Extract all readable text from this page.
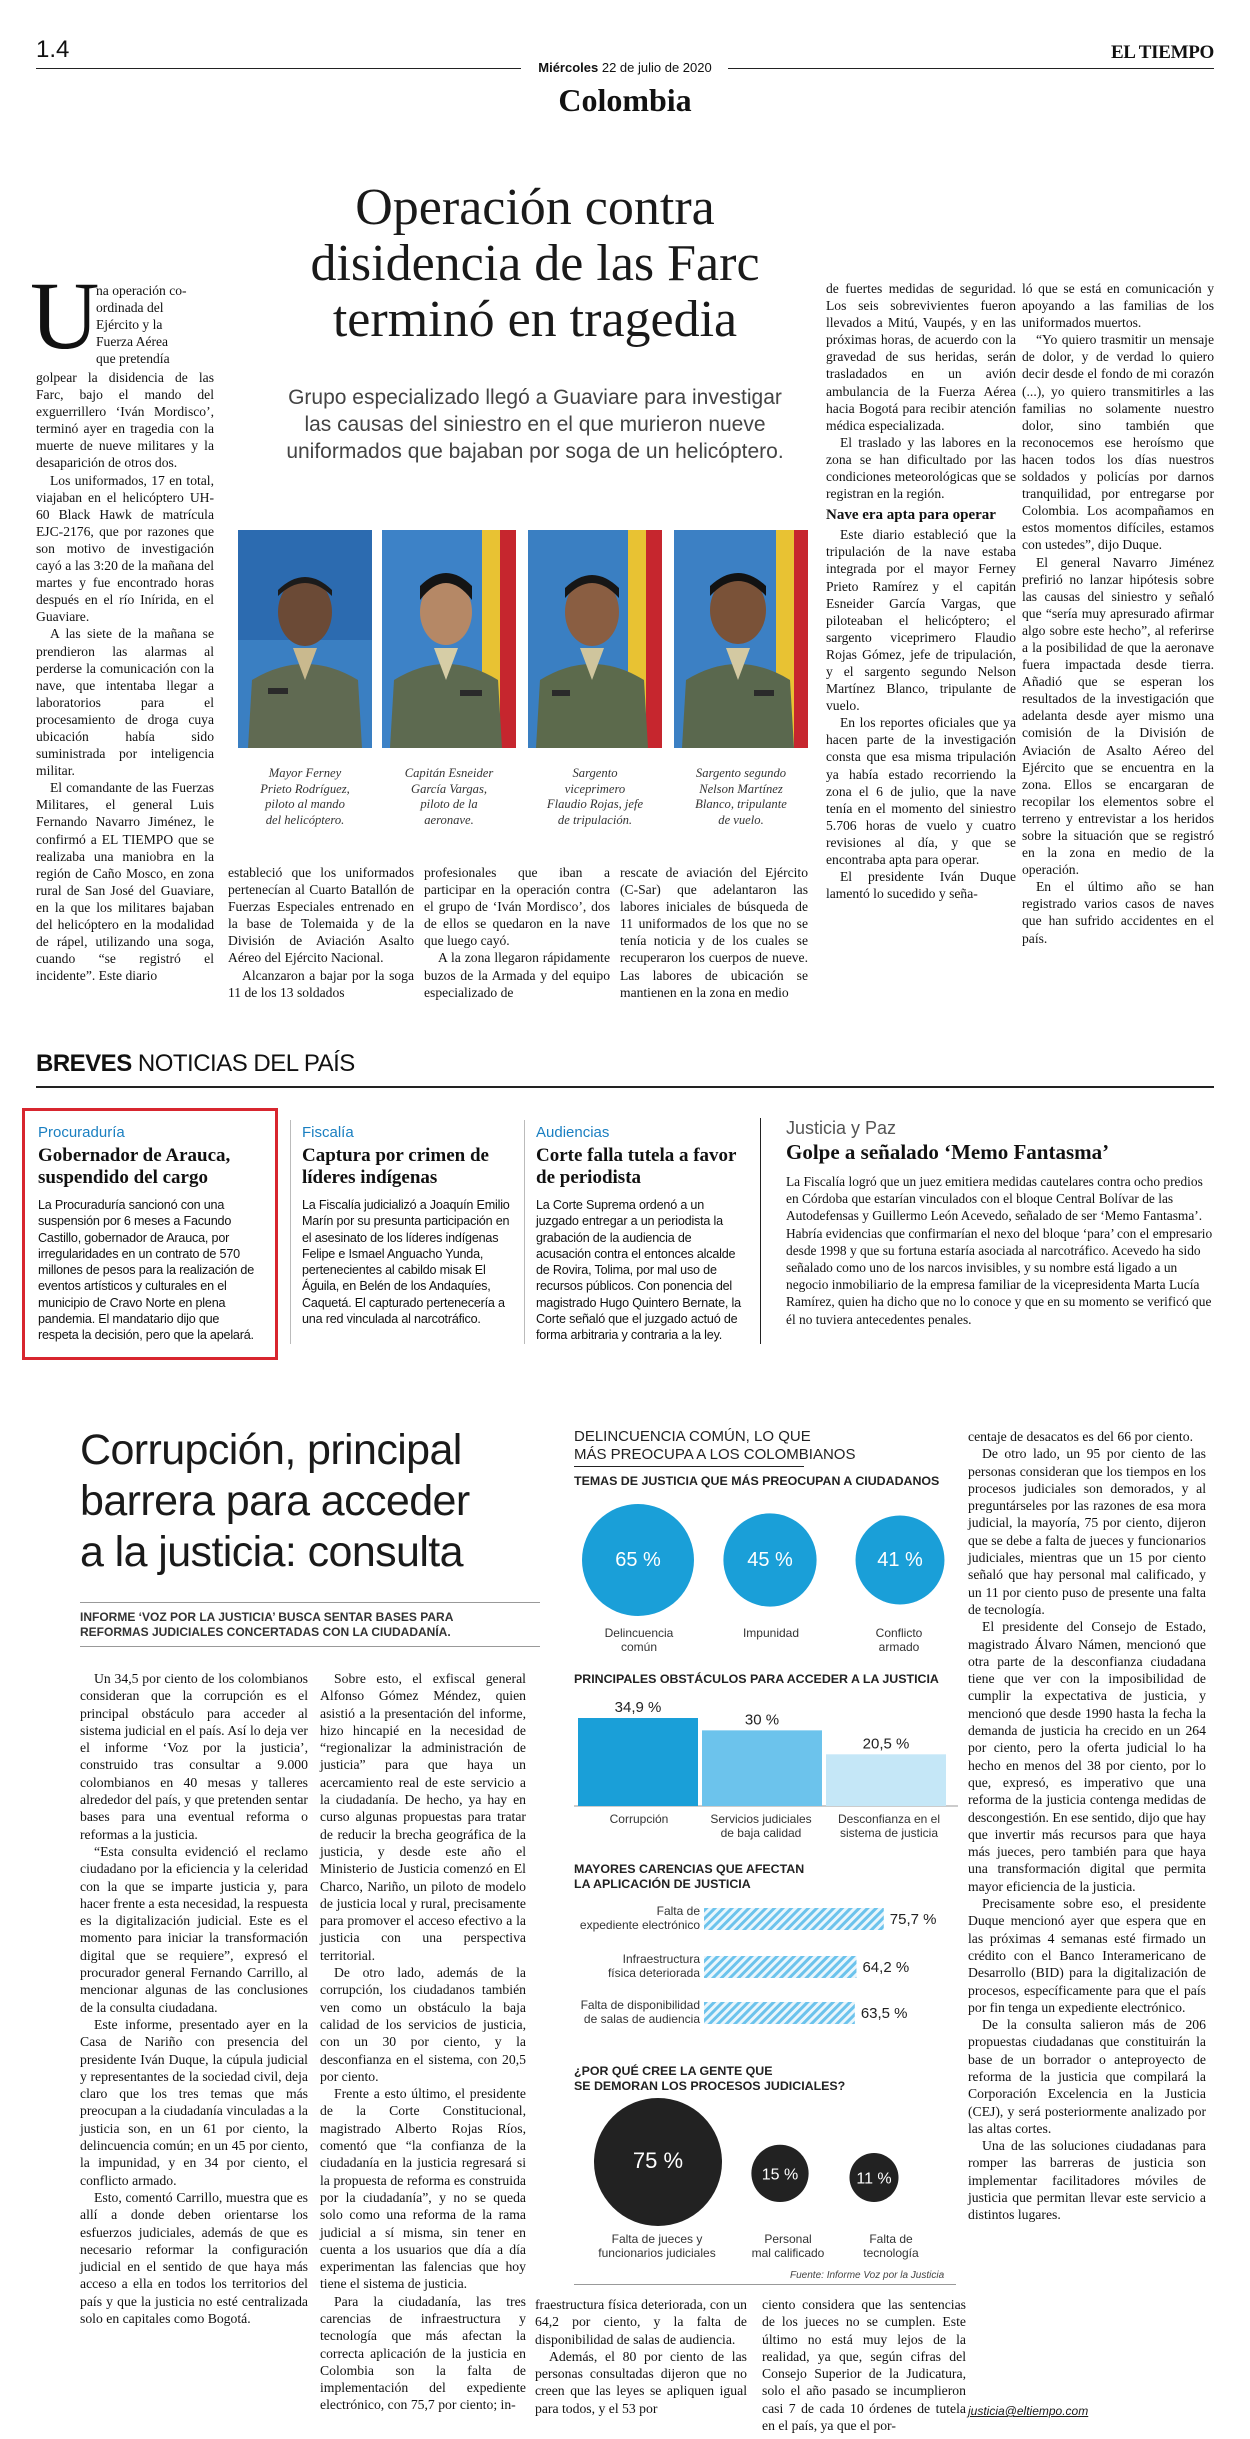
1.4	EL TIEMPO
Miércoles 22 de julio de 2020
Colombia
Operación contra
disidencia de las Farc
terminó en tragedia
Grupo especializado llegó a Guaviare para investigar
las causas del siniestro en el que murieron nueve
uniformados que bajaban por soga de un helicóptero.
U
na operación co-
ordinada del
Ejército y la
Fuerza Aérea
que pretendía

golpear la disidencia de las Farc, bajo el mando del exguerrillero ‘Iván Mordisco’, terminó ayer en tragedia con la muerte de nueve militares y la desaparición de otros dos.

Los uniformados, 17 en total, viajaban en el helicóptero UH-60 Black Hawk de matrícula EJC-2176, que por razones que son motivo de investigación cayó a las 3:20 de la mañana del martes y fue encontrado horas después en el río Inírida, en el Guaviare.

A las siete de la mañana se prendieron las alarmas al perderse la comunicación con la nave, que intentaba llegar a laboratorios para el procesamiento de droga cuya ubicación había sido suministrada por inteligencia militar.

El comandante de las Fuerzas Militares, el general Luis Fernando Navarro Jiménez, le confirmó a EL TIEMPO que se realizaba una maniobra en la región de Caño Mosco, en zona rural de San José del Guaviare, en la que los militares bajaban del helicóptero en la modalidad de rápel, utilizando una soga, cuando “se registró el incidente”. Este diario

Mayor Ferney
Prieto Rodríguez,
piloto al mando
del helicóptero.
Capitán Esneider
García Vargas,
piloto de la
aeronave.
Sargento
viceprimero
Flaudio Rojas, jefe
de tripulación.
Sargento segundo
Nelson Martínez
Blanco, tripulante
de vuelo.

estableció que los uniformados pertenecían al Cuarto Batallón de Fuerzas Especiales entrenado en la base de Tolemaida y de la División de Aviación Asalto Aéreo del Ejército Nacional.

Alcanzaron a bajar por la soga 11 de los 13 soldados

profesionales que iban a participar en la operación contra el grupo de ‘Iván Mordisco’, dos de ellos se quedaron en la nave que luego cayó.

A la zona llegaron rápidamente buzos de la Armada y del equipo especializado de

rescate de aviación del Ejército (C-Sar) que adelantaron las labores iniciales de búsqueda de 11 uniformados de los que no se tenía noticia y de los cuales se recuperaron los cuerpos de nueve. Las labores de ubicación se mantienen en la zona en medio

de fuertes medidas de seguridad. Los seis sobrevivientes fueron llevados a Mitú, Vaupés, y en las próximas horas, de acuerdo con la gravedad de sus heridas, serán trasladados en un avión ambulancia de la Fuerza Aérea hacia Bogotá para recibir atención médica especializada.

El traslado y las labores en la zona se han dificultado por las condiciones meteorológicas que se registran en la región.

Nave era apta para operar

Este diario estableció que la tripulación de la nave estaba integrada por el mayor Ferney Prieto Ramírez y el capitán Esneider García Vargas, que piloteaban el helicóptero; el sargento viceprimero Flaudio Rojas Gómez, jefe de tripulación, y el sargento segundo Nelson Martínez Blanco, tripulante de vuelo.

En los reportes oficiales que ya hacen parte de la investigación consta que esa misma tripulación ya había estado recorriendo la zona el 6 de julio, que la nave tenía en el momento del siniestro 5.706 horas de vuelo y cuatro revisiones al día, y que se encontraba apta para operar.

El presidente Iván Duque lamentó lo sucedido y seña-

ló que se está en comunicación y apoyando a las familias de los uniformados muertos.

“Yo quiero trasmitir un mensaje de dolor, y de verdad lo quiero decir desde el fondo de mi corazón (...), yo quiero transmitirles a las familias no solamente nuestro dolor, sino también que reconocemos ese heroísmo que hacen todos los días nuestros soldados y policías por darnos tranquilidad, por entregarse por Colombia. Los acompañamos en estos momentos difíciles, estamos con ustedes”, dijo Duque.

El general Navarro Jiménez prefirió no lanzar hipótesis sobre las causas del siniestro y señaló que “sería muy apresurado afirmar algo sobre este hecho”, al referirse a la posibilidad de que la aeronave fuera impactada desde tierra. Añadió que se esperan los resultados de la investigación que adelanta desde ayer mismo una comisión de la División de Aviación de Asalto Aéreo del Ejército que se encuentra en la zona. Ellos se encargaran de recopilar los elementos sobre el terreno y entrevistar a los heridos sobre la situación que se registró en la zona en medio de la operación.

En el último año se han registrado varios casos de naves que han sufrido accidentes en el país.

BREVES NOTICIAS DEL PAÍS
Procuraduría
Gobernador de Arauca, suspendido del cargo
La Procuraduría sancionó con una suspensión por 6 meses a Facundo Castillo, gobernador de Arauca, por irregularidades en un contrato de 570 millones de pesos para la realización de eventos artísticos y culturales en el municipio de Cravo Norte en plena pandemia. El mandatario dijo que respeta la decisión, pero que la apelará.
Fiscalía
Captura por crimen de líderes indígenas
La Fiscalía judicializó a Joaquín Emilio Marín por su presunta participación en el asesinato de los líderes indígenas Felipe e Ismael Anguacho Yunda, pertenecientes al cabildo misak El Águila, en Belén de los Andaquíes, Caquetá. El capturado pertenecería a una red vinculada al narcotráfico.
Audiencias
Corte falla tutela a favor de periodista
La Corte Suprema ordenó a un juzgado entregar a un periodista la grabación de la audiencia de acusación contra el entonces alcalde de Rovira, Tolima, por mal uso de recursos públicos. Con ponencia del magistrado Hugo Quintero Bernate, la Corte señaló que el juzgado actuó de forma arbitraria y contraria a la ley.
Justicia y Paz
Golpe a señalado ‘Memo Fantasma’
La Fiscalía logró que un juez emitiera medidas cautelares contra ocho predios en Córdoba que estarían vinculados con el bloque Central Bolívar de las Autodefensas y Guillermo León Acevedo, señalado de ser ‘Memo Fantasma’. Habría evidencias que confirmarían el nexo del bloque ‘para’ con el empresario desde 1998 y que su fortuna estaría asociada al narcotráfico. Acevedo ha sido señalado como uno de los narcos invisibles, y su nombre está ligado a un negocio inmobiliario de la empresa familiar de la vicepresidenta Marta Lucía Ramírez, quien ha dicho que no lo conoce y que en su momento se verificó que él no tuviera antecedentes penales.
Corrupción, principal
barrera para acceder
a la justicia: consulta
INFORME ‘VOZ POR LA JUSTICIA’ BUSCA SENTAR BASES PARA
REFORMAS JUDICIALES CONCERTADAS CON LA CIUDADANÍA.

Un 34,5 por ciento de los colombianos consideran que la corrupción es el principal obstáculo para acceder al sistema judicial en el país. Así lo deja ver el informe ‘Voz por la justicia’, construido tras consultar a 9.000 colombianos en 40 mesas y talleres alrededor del país, y que pretenden sentar bases para una eventual reforma o reformas a la justicia.

“Esta consulta evidenció el reclamo ciudadano por la eficiencia y la celeridad con la que se imparte justicia y, para hacer frente a esta necesidad, la respuesta es la digitalización judicial. Este es el momento para iniciar la transformación digital que se requiere”, expresó el procurador general Fernando Carrillo, al mencionar algunas de las conclusiones de la consulta ciudadana.

Este informe, presentado ayer en la Casa de Nariño con presencia del presidente Iván Duque, la cúpula judicial y representantes de la sociedad civil, deja claro que los tres temas que más preocupan a la ciudadanía vinculadas a la justicia son, en un 61 por ciento, la delincuencia común; en un 45 por ciento, la impunidad, y en 34 por ciento, el conflicto armado.

Esto, comentó Carrillo, muestra que es allí a donde deben orientarse los esfuerzos judiciales, además de que es necesario reformar la configuración judicial en el sentido de que haya más acceso a ella en todos los territorios del país y que la justicia no esté centralizada solo en capitales como Bogotá.

Sobre esto, el exfiscal general Alfonso Gómez Méndez, quien asistió a la presentación del informe, hizo hincapié en la necesidad de “regionalizar la administración de justicia” para que haya un acercamiento real de este servicio a la ciudadanía. De hecho, ya hay en curso algunas propuestas para tratar de reducir la brecha geográfica de la justicia, y desde este año el Ministerio de Justicia comenzó en El Charco, Nariño, un piloto de modelo de justicia local y rural, precisamente para promover el acceso efectivo a la justicia con una perspectiva territorial.

De otro lado, además de la corrupción, los ciudadanos también ven como un obstáculo la baja calidad de los servicios de justicia, con un 30 por ciento, y la desconfianza en el sistema, con 20,5 por ciento.

Frente a esto último, el presidente de la Corte Constitucional, magistrado Alberto Rojas Ríos, comentó que “la confianza de la ciudadanía en la justicia regresará si la propuesta de reforma es construida por la ciudadanía”, y no se queda solo como una reforma de la rama judicial a sí misma, sin tener en cuenta a los usuarios que día a día experimentan las falencias que hoy tiene el sistema de justicia.

Para la ciudadanía, las tres carencias de infraestructura y tecnología que más afectan la correcta aplicación de la justicia en Colombia son la falta de implementación del expediente electrónico, con 75,7 por ciento; in-

fraestructura física deteriorada, con un 64,2 por ciento, y la falta de disponibilidad de salas de audiencia.

Además, el 80 por ciento de las personas consultadas dijeron que no creen que las leyes se apliquen igual para todos, y el 53 por

ciento considera que las sentencias de los jueces no se cumplen. Este último no está muy lejos de la realidad, ya que, según cifras del Consejo Superior de la Judicatura, solo el año pasado se incumplieron casi 7 de cada 10 órdenes de tutela en el país, ya que el por-

centaje de desacatos es del 66 por ciento.

De otro lado, un 95 por ciento de las personas consideran que los tiempos en los procesos judiciales son demorados, y al preguntárseles por las razones de esa mora judicial, la mayoría, 75 por ciento, dijeron que se debe a falta de jueces y funcionarios judiciales, mientras que un 15 por ciento señaló que hay personal mal calificado, y un 11 por ciento puso de presente una falta de tecnología.

El presidente del Consejo de Estado, magistrado Álvaro Námen, mencionó que otra parte de la desconfianza ciudadana tiene que ver con la imposibilidad de cumplir la expectativa de justicia, y mencionó que desde 1990 hasta la fecha la demanda de justicia ha crecido en un 264 por ciento, pero la oferta judicial lo ha hecho en menos del 38 por ciento, por lo que, expresó, es imperativo que una reforma de la justicia contenga medidas de descongestión. En ese sentido, dijo que hay que invertir más recursos para que haya más jueces, pero también para que haya una transformación digital que permita mayor eficiencia de la justicia.

Precisamente sobre eso, el presidente Duque mencionó ayer que espera que en las próximas 4 semanas esté firmado un crédito con el Banco Interamericano de Desarrollo (BID) para la digitalización de procesos, específicamente para que el país por fin tenga un expediente electrónico.

De la consulta salieron más de 206 propuestas ciudadanas que constituirán la base de un borrador o anteproyecto de reforma de la justicia que compilará la Corporación Excelencia en la Justicia (CEJ), y será posteriormente analizado por las altas cortes.

Una de las soluciones ciudadanas para romper las barreras de justicia son implementar facilitadores móviles de justicia que permitan llevar este servicio a distintos lugares.

justicia@eltiempo.com
DELINCUENCIA COMÚN, LO QUE
MÁS PREOCUPA A LOS COLOMBIANOS
TEMAS DE JUSTICIA QUE MÁS PREOCUPAN A CIUDADANOS
65 %	45 %	41 %
Delincuencia
común
Impunidad	Conflicto
armado
PRINCIPALES OBSTÁCULOS PARA ACCEDER A LA JUSTICIA
34,9 %
30 %
20,5 %
Corrupción	Servicios judiciales
de baja calidad
Desconfianza en el
sistema de justicia
MAYORES CARENCIAS QUE AFECTAN
LA APLICACIÓN DE JUSTICIA
Falta de
expediente electrónico
Infraestructura
física deteriorada
Falta de disponibilidad
de salas de audiencia
75,7 %
64,2 %
63,5 %
¿POR QUÉ CREE LA GENTE QUE
SE DEMORAN LOS PROCESOS JUDICIALES?
75 %
15 %	11 %
Falta de jueces y
funcionarios judiciales
Personal
mal calificado
Falta de
tecnología
Fuente: Informe Voz por la Justicia
